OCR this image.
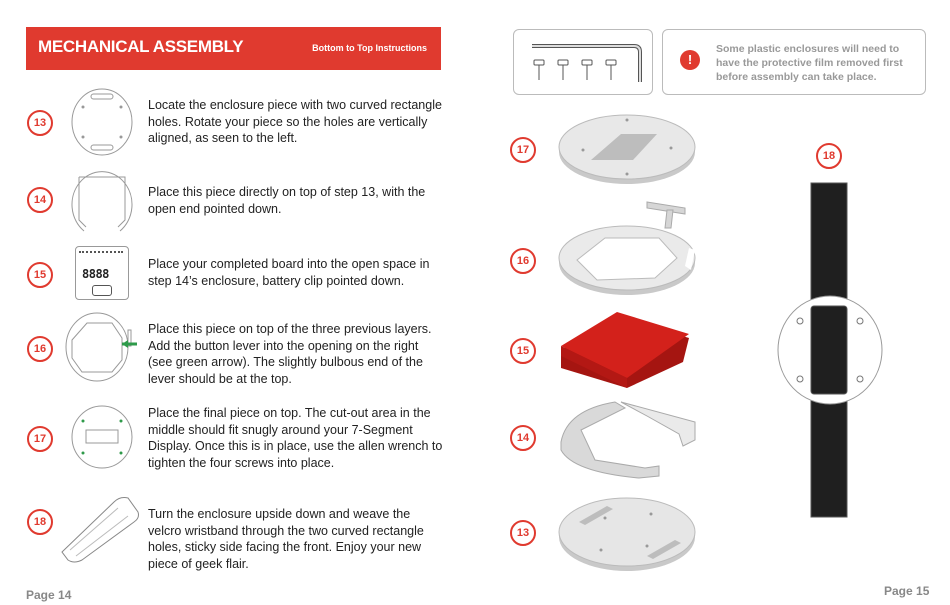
MECHANICAL ASSEMBLY	Bottom to Top Instructions
13
Locate the enclosure piece with two curved rectangle holes. Rotate your piece so the holes are vertically aligned, as seen to the left.
14
Place this piece directly on top of step 13, with the open end pointed down.
15	8888
Place your completed board into the open space in step 14’s enclosure, battery clip pointed down.
16
Place this piece on top of the three previous layers. Add the button lever into the opening on the right (see green arrow). The slightly bulbous end of the lever should be at the top.
17
Place the final piece on top. The cut-out area in the middle should fit snugly around your 7-Segment Display. Once this is in place, use the allen wrench to tighten the four screws into place.
18
Turn the enclosure upside down and weave the velcro wristband through the two curved rectangle holes, sticky side facing the front. Enjoy your new piece of geek flair.
Page 14
!
Some plastic enclosures will need to have the protective film removed first before assembly can take place.
17
16
15
14
13
18
Page 15
